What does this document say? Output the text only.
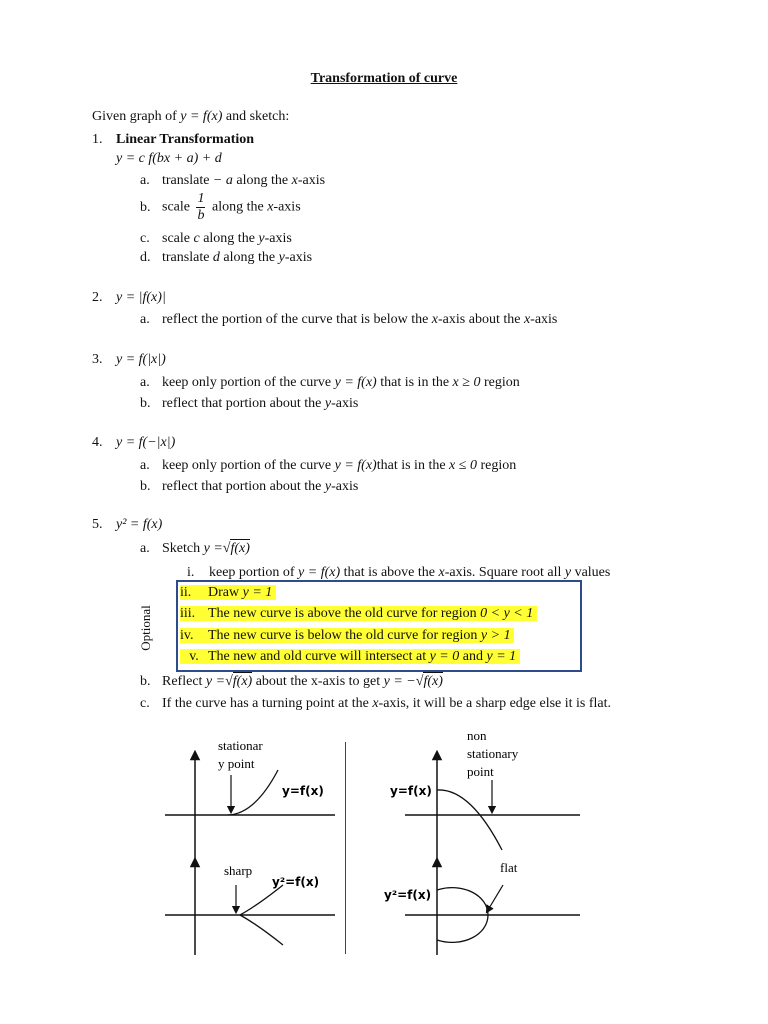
Transformation of curve
Given graph of y = f(x) and sketch:
1. Linear Transformation
y = c f(bx + a) + d
a. translate − a along the x-axis
b. scale $\frac{1}{b}$ along the x-axis
c. scale c along the y-axis
d. translate d along the y-axis
2. y = |f(x)|
a. reflect the portion of the curve that is below the x-axis about the x-axis
3. y = f(|x|)
a. keep only portion of the curve y = f(x) that is in the x ≥ 0 region
b. reflect that portion about the y-axis
4. y = f(−|x|)
a. keep only portion of the curve y = f(x)that is in the x ≤ 0 region
b. reflect that portion about the y-axis
5. y² = f(x)
a. Sketch y =√f(x)
i. keep portion of y = f(x) that is above the x-axis. Square root all y values
Optional
ii. Draw y = 1
iii. The new curve is above the old curve for region 0 < y < 1
iv. The new curve is below the old curve for region y > 1
v. The new and old curve will intersect at y = 0 and y = 1
b. Reflect y =√f(x) about the x-axis to get y = −√f(x)
c. If the curve has a turning point at the x-axis, it will be a sharp edge else it is flat.
stationar
y point
y=f(x)
non
stationary
point
y=f(x)
sharp
y²=f(x)
flat
y²=f(x)
